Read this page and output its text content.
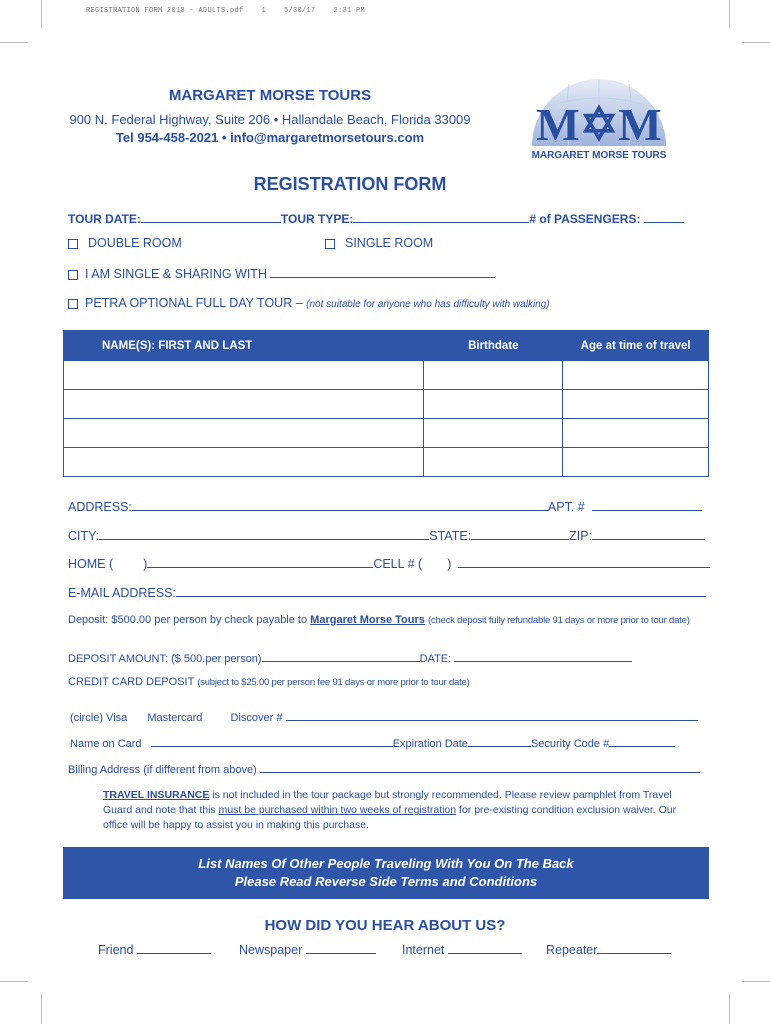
REGISTRATION FORM 2018 - ADULTS.pdf    1    5/30/17    2:31 PM
MARGARET MORSE TOURS
900 N. Federal Highway, Suite 206 • Hallandale Beach, Florida 33009
Tel 954-458-2021 • info@margaretmorsetours.com	M✡M
MARGARET MORSE TOURS
REGISTRATION FORM
TOUR DATE:	TOUR TYPE:	# of PASSENGERS:
DOUBLE ROOM	SINGLE ROOM
I AM SINGLE & SHARING WITH
PETRA OPTIONAL FULL DAY TOUR – (not suitable for anyone who has difficulty with walking)
NAME(S): FIRST AND LAST	Birthdate	Age at time of travel

ADDRESS:	APT. #
CITY:	STATE:	ZIP:
HOME ( )	CELL # ( )
E-MAIL ADDRESS:
Deposit: $500.00 per person by check payable to Margaret Morse Tours (check deposit fully refundable 91 days or more prior to tour date)
DEPOSIT AMOUNT: ($ 500.per person)	DATE:
CREDIT CARD DEPOSIT (subject to $25.00 per person fee 91 days or more prior to tour date)
(circle) Visa Mastercard	Discover #
Name on Card	Expiration Date	Security Code #
Billing Address (if different from above)
TRAVEL INSURANCE is not included in the tour package but strongly recommended. Please review pamphlet from Travel Guard and note that this must be purchased within two weeks of registration for pre-existing condition exclusion waiver. Our office will be happy to assist you in making this purchase.
List Names Of Other People Traveling With You On The Back
Please Read Reverse Side Terms and Conditions
HOW DID YOU HEAR ABOUT US?
Friend	Newspaper	Internet	Repeater
